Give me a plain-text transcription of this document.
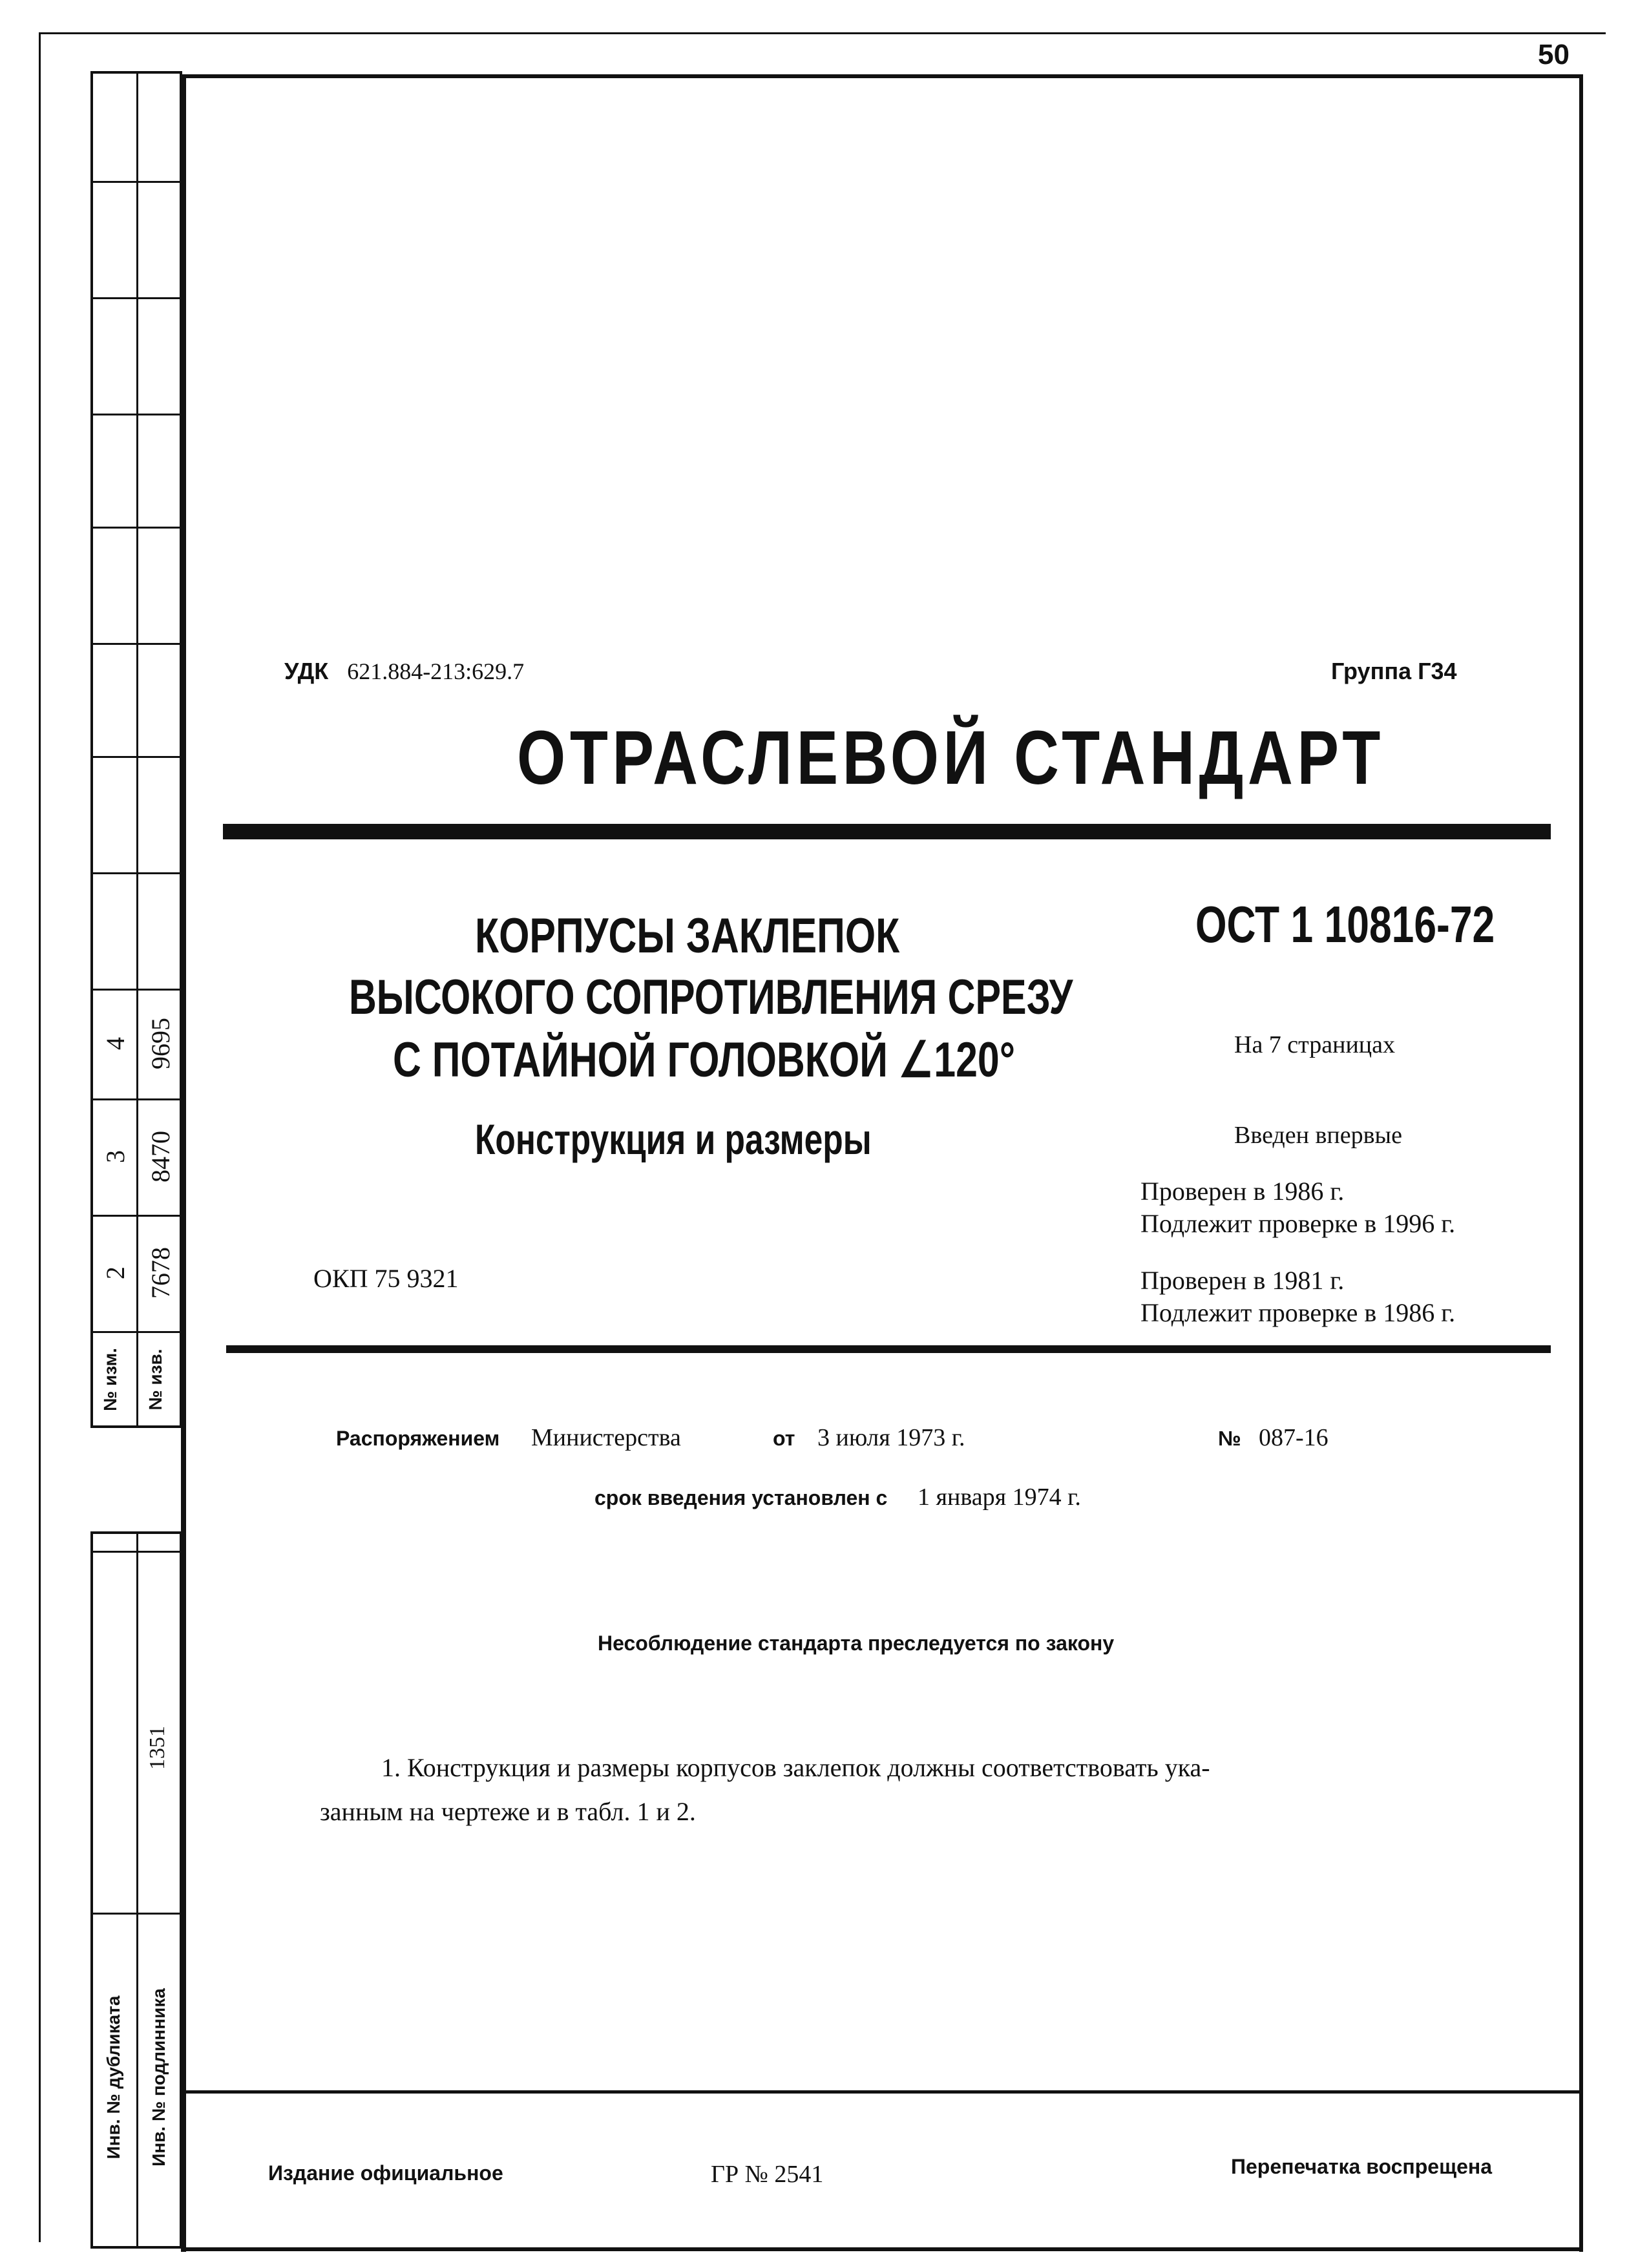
50
4 9695
3 8470
2 7678
№ изм.	№ изв.
1351
Инв. № дубликата	Инв. № подлинника
УДК 621.884-213:629.7	Группа Г34
ОТРАСЛЕВОЙ СТАНДАРТ
КОРПУСЫ ЗАКЛЕПОК
ВЫСОКОГО СОПРОТИВЛЕНИЯ СРЕЗУ
С ПОТАЙНОЙ ГОЛОВКОЙ ∠120°
Конструкция и размеры
ОСТ 1 10816-72
На 7 страницах
Введен впервые
Проверен в 1986 г.
Подлежит проверке в 1996 г.
Проверен в 1981 г.
Подлежит проверке в 1986 г.
ОКП 75 9321
Распоряжением Министерства	от 3 июля 1973 г.	№ 087-16
срок введения установлен с 1 января 1974 г.
Несоблюдение стандарта преследуется по закону
1. Конструкция и размеры корпусов заклепок должны соответствовать ука-
занным на чертеже и в табл. 1 и 2.
Издание официальное	ГР № 2541	Перепечатка воспрещена
